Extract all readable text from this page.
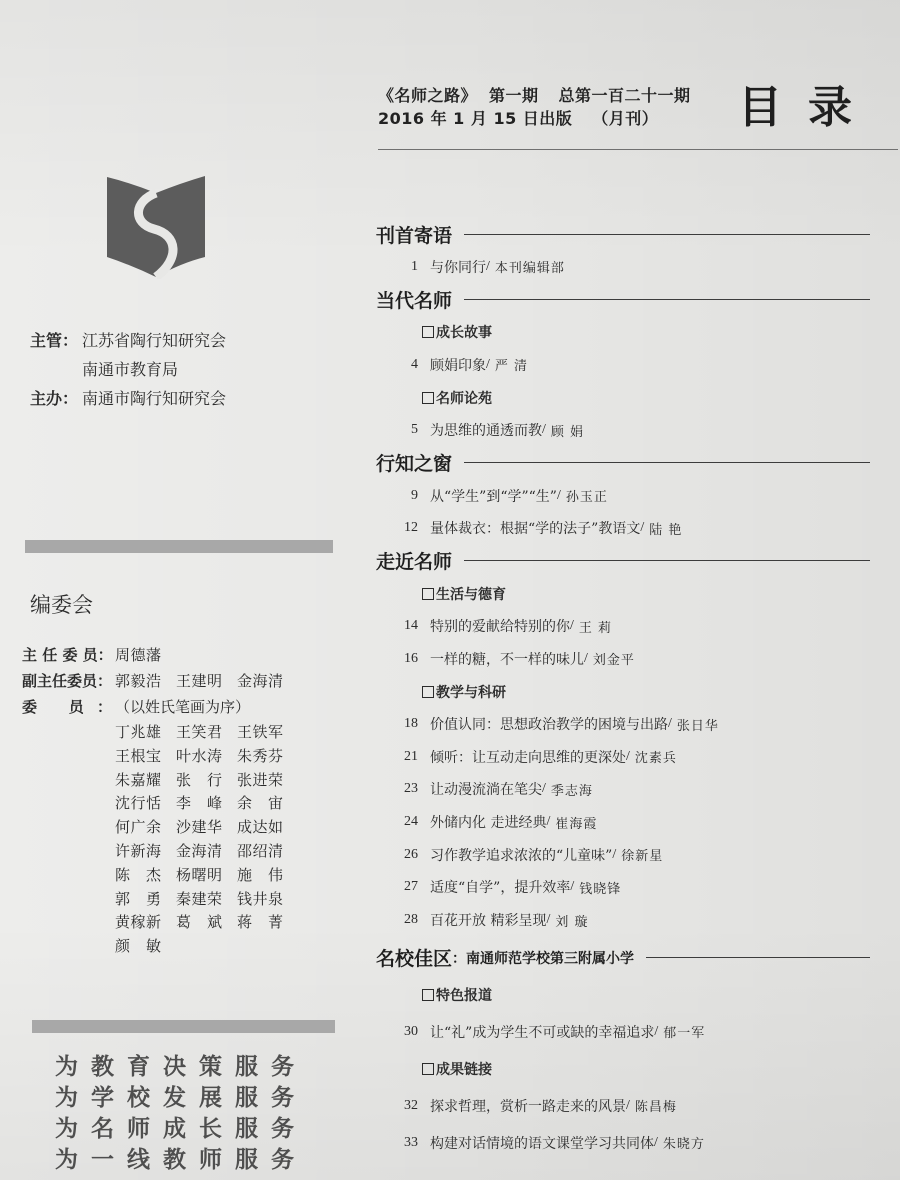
《名师之路》 第一期 总第一百二十一期
2016 年 1 月 15 日出版 （月刊）	目录
主管： 江苏省陶行知研究会
南通市教育局
主办： 南通市陶行知研究会
编委会
主 任 委 员： 周德藩
副主任委员： 郭毅浩 王建明 金海清
委 员： （以姓氏笔画为序）
丁兆雄 王笑君 王铁军
王根宝 叶水涛 朱秀芬
朱嘉耀 张 行 张进荣
沈行恬 李 峰 余 宙
何广余 沙建华 成达如
许新海 金海清 邵绍清
陈 杰 杨曙明 施 伟
郭 勇 秦建荣 钱井泉
黄稼新 葛 斌 蒋 菁
颜 敏
为教育决策服务
为学校发展服务
为名师成长服务
为一线教师服务
刊首寄语
1 与你同行 / 本刊编辑部
当代名师
成长故事
4 顾娟印象 / 严 清
名师论苑
5 为思维的通透而教 / 顾 娟
行知之窗
9 从“学生”到“学”“生” / 孙玉正
12 量体裁衣：根据“学的法子”教语文 / 陆 艳
走近名师
生活与德育
14 特别的爱献给特别的你 / 王 莉
16 一样的糖，不一样的味儿 / 刘金平
教学与科研
18 价值认同：思想政治教学的困境与出路 / 张日华
21 倾听：让互动走向思维的更深处 / 沈素兵
23 让动漫流淌在笔尖 / 季志海
24 外储内化 走进经典 / 崔海霞
26 习作教学追求浓浓的“儿童味” / 徐新星
27 适度“自学”，提升效率 / 钱晓锋
28 百花开放 精彩呈现 / 刘 璇
名校佳区 ：南通师范学校第三附属小学
特色报道
30 让“礼”成为学生不可或缺的幸福追求 / 郁一军
成果链接
32 探求哲理，赏析一路走来的风景 / 陈昌梅
33 构建对话情境的语文课堂学习共同体 / 朱晓方
